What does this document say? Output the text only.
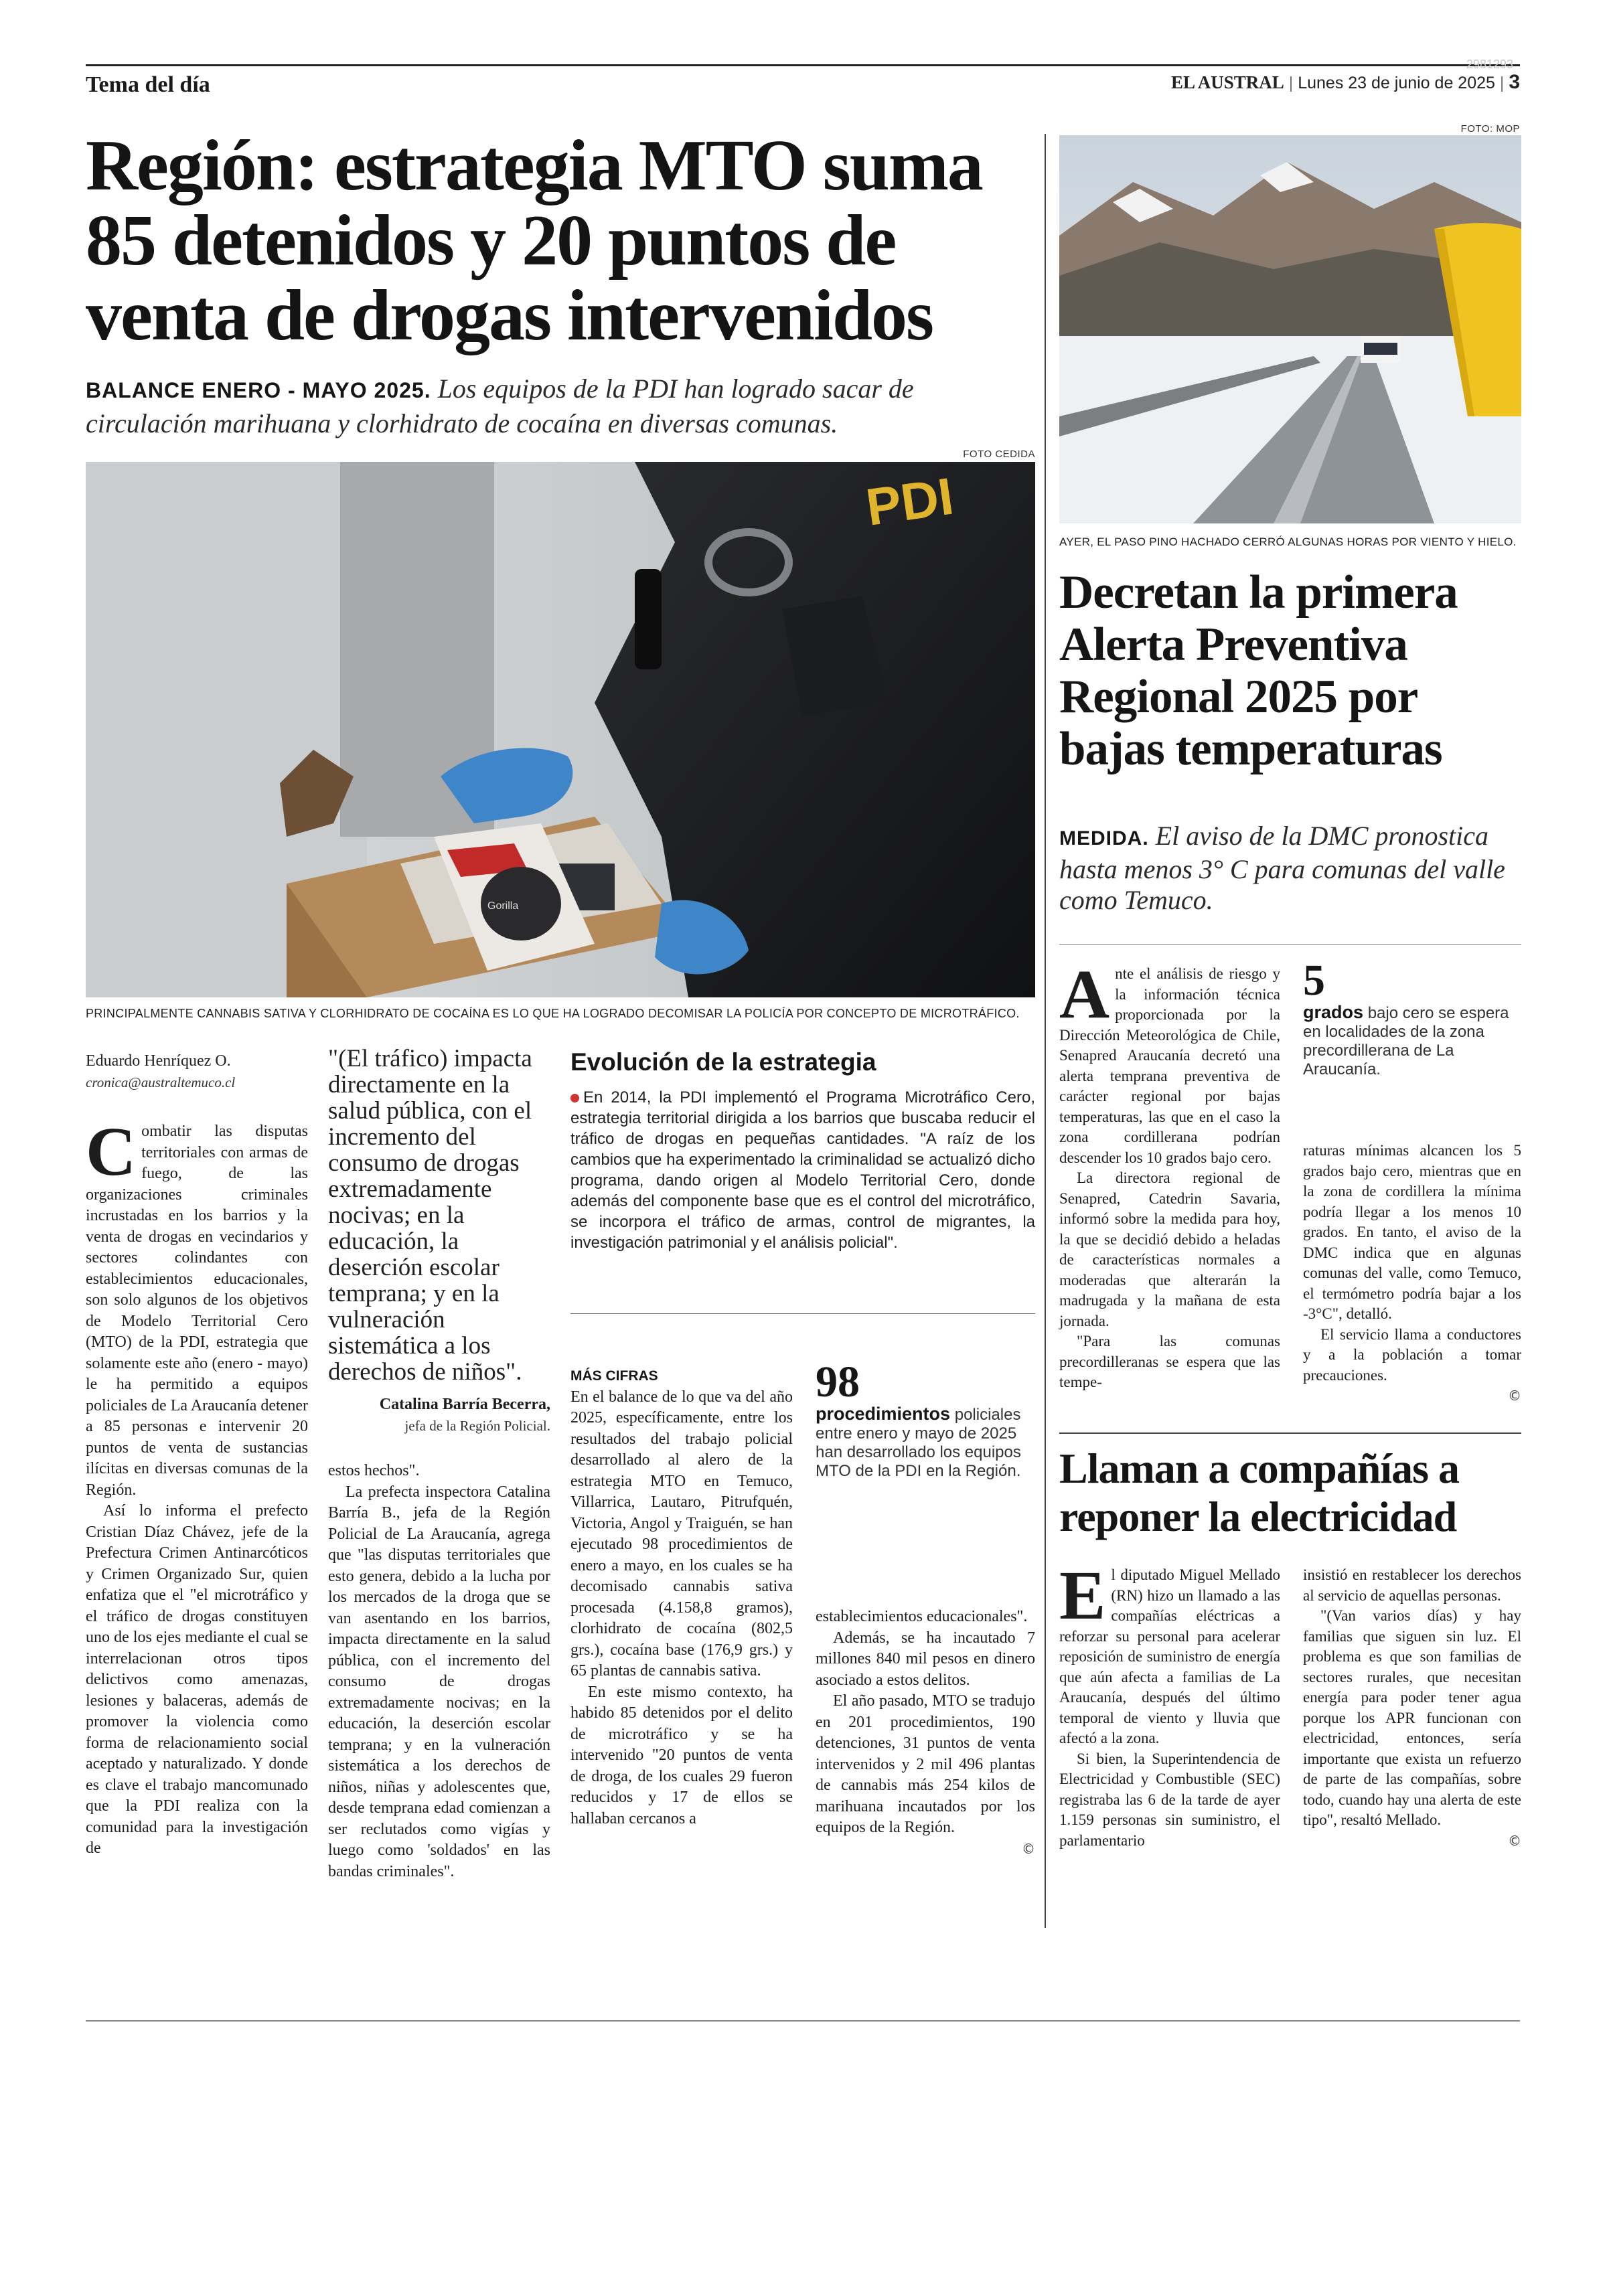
Tema del día
2981293
EL AUSTRAL | Lunes 23 de junio de 2025 | 3
Región: estrategia MTO suma 85 detenidos y 20 puntos de venta de drogas intervenidos
BALANCE ENERO - MAYO 2025. Los equipos de la PDI han logrado sacar de circulación marihuana y clorhidrato de cocaína en diversas comunas.
FOTO CEDIDA
PDI
Gorilla
PRINCIPALMENTE CANNABIS SATIVA Y CLORHIDRATO DE COCAÍNA ES LO QUE HA LOGRADO DECOMISAR LA POLICÍA POR CONCEPTO DE MICROTRÁFICO.
Eduardo Henríquez O.
cronica@australtemuco.cl

Combatir las disputas territoriales con armas de fuego, de las organizaciones criminales incrustadas en los barrios y la venta de drogas en vecindarios y sectores colindantes con establecimientos educacionales, son solo algunos de los objetivos de Modelo Territorial Cero (MTO) de la PDI, estrategia que solamente este año (enero - mayo) le ha permitido a equipos policiales de La Araucanía detener a 85 personas e intervenir 20 puntos de venta de sustancias ilícitas en diversas comunas de la Región.

Así lo informa el prefecto Cristian Díaz Chávez, jefe de la Prefectura Crimen Antinarcóticos y Crimen Organizado Sur, quien enfatiza que el "el microtráfico y el tráfico de drogas constituyen uno de los ejes mediante el cual se interrelacionan otros tipos delictivos como amenazas, lesiones y balaceras, además de promover la violencia como forma de relacionamiento social aceptado y naturalizado. Y donde es clave el trabajo mancomunado que la PDI realiza con la comunidad para la investigación de

"(El tráfico) impacta directamente en la salud pública, con el incremento del consumo de drogas extremadamente nocivas; en la educación, la deserción escolar temprana; y en la vulneración sistemática a los derechos de niños".
Catalina Barría Becerra,
jefa de la Región Policial.

estos hechos".

La prefecta inspectora Catalina Barría B., jefa de la Región Policial de La Araucanía, agrega que "las disputas territoriales que esto genera, debido a la lucha por los mercados de la droga que se van asentando en los barrios, impacta directamente en la salud pública, con el incremento del consumo de drogas extremadamente nocivas; en la educación, la deserción escolar temprana; y en la vulneración sistemática a los derechos de niños, niñas y adolescentes que, desde temprana edad comienzan a ser reclutados como vigías y luego como 'soldados' en las bandas criminales".

Evolución de la estrategia
En 2014, la PDI implementó el Programa Microtráfico Cero, estrategia territorial dirigida a los barrios que buscaba reducir el tráfico de drogas en pequeñas cantidades. "A raíz de los cambios que ha experimentado la criminalidad se actualizó dicho programa, dando origen al Modelo Territorial Cero, donde además del componente base que es el control del microtráfico, se incorpora el tráfico de armas, control de migrantes, la investigación patrimonial y el análisis policial".
MÁS CIFRAS

En el balance de lo que va del año 2025, específicamente, entre los resultados del trabajo policial desarrollado al alero de la estrategia MTO en Temuco, Villarrica, Lautaro, Pitrufquén, Victoria, Angol y Traiguén, se han ejecutado 98 procedimientos de enero a mayo, en los cuales se ha decomisado cannabis sativa procesada (4.158,8 gramos), clorhidrato de cocaína (802,5 grs.), cocaína base (176,9 grs.) y 65 plantas de cannabis sativa.

En este mismo contexto, ha habido 85 detenidos por el delito de microtráfico y se ha intervenido "20 puntos de venta de droga, de los cuales 29 fueron reducidos y 17 de ellos se hallaban cercanos a

98
procedimientos policiales entre enero y mayo de 2025 han desarrollado los equipos MTO de la PDI en la Región.

establecimientos educacionales".

Además, se ha incautado 7 millones 840 mil pesos en dinero asociado a estos delitos.

El año pasado, MTO se tradujo en 201 procedimientos, 190 detenciones, 31 puntos de venta intervenidos y 2 mil 496 plantas de cannabis más 254 kilos de marihuana incautados por los equipos de la Región.

©
FOTO: MOP
AYER, EL PASO PINO HACHADO CERRÓ ALGUNAS HORAS POR VIENTO Y HIELO.
Decretan la primera Alerta Preventiva Regional 2025 por bajas temperaturas
MEDIDA. El aviso de la DMC pronostica hasta menos 3° C para comunas del valle como Temuco.

Ante el análisis de riesgo y la información técnica proporcionada por la Dirección Meteorológica de Chile, Senapred Araucanía decretó una alerta temprana preventiva de carácter regional por bajas temperaturas, las que en el caso la zona cordillerana podrían descender los 10 grados bajo cero.

La directora regional de Senapred, Catedrin Savaria, informó sobre la medida para hoy, la que se decidió debido a heladas de características normales a moderadas que alterarán la madrugada y la mañana de esta jornada.

"Para las comunas precordilleranas se espera que las tempe-

5
grados bajo cero se espera en localidades de la zona precordillerana de La Araucanía.

raturas mínimas alcancen los 5 grados bajo cero, mientras que en la zona de cordillera la mínima podría llegar a los menos 10 grados. En tanto, el aviso de la DMC indica que en algunas comunas del valle, como Temuco, el termómetro podría bajar a los -3°C", detalló.

El servicio llama a conductores y a la población a tomar precauciones.

©
Llaman a compañías a reponer la electricidad

El diputado Miguel Mellado (RN) hizo un llamado a las compañías eléctricas a reforzar su personal para acelerar reposición de suministro de energía que aún afecta a familias de La Araucanía, después del último temporal de viento y lluvia que afectó a la zona.

Si bien, la Superintendencia de Electricidad y Combustible (SEC) registraba las 6 de la tarde de ayer 1.159 personas sin suministro, el parlamentario

insistió en restablecer los derechos al servicio de aquellas personas.

"(Van varios días) y hay familias que siguen sin luz. El problema es que son familias de sectores rurales, que necesitan energía para poder tener agua porque los APR funcionan con electricidad, entonces, sería importante que exista un refuerzo de parte de las compañías, sobre todo, cuando hay una alerta de este tipo", resaltó Mellado.

©
